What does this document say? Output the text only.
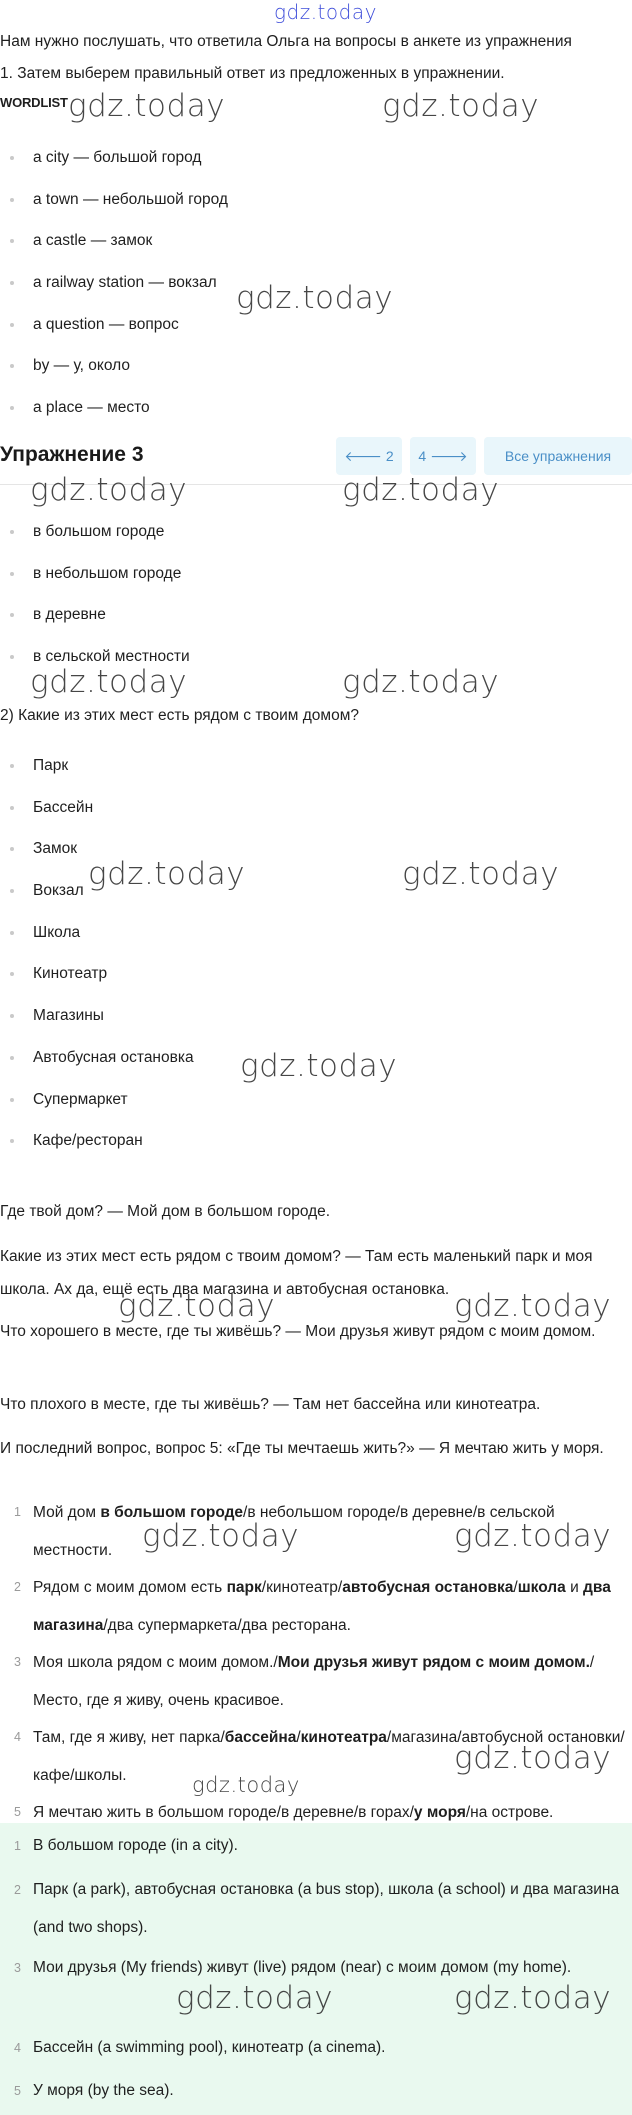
gdz.today
gdz.today	gdz.today
gdz.today
gdz.today	gdz.today
gdz.today	gdz.today
gdz.today	gdz.today
gdz.today
gdz.today	gdz.today
gdz.today	gdz.today
gdz.today
gdz.today
gdz.today	gdz.today
Нам нужно послушать, что ответила Ольга на вопросы в анкете из упражнения
1. Затем выберем правильный ответ из предложенных в упражнении.
WORDLIST
a city — большой город
a town — небольшой город
a castle — замок
a railway station — вокзал
a question — вопрос
by — у, около
a place — место
Упражнение 3	🡐 2	4 🡒	Все упражнения
в большом городе
в небольшом городе
в деревне
в сельской местности
2) Какие из этих мест есть рядом с твоим домом?
Парк
Бассейн
Замок
Вокзал
Школа
Кинотеатр
Магазины
Автобусная остановка
Супермаркет
Кафе/ресторан
Где твой дом? — Мой дом в большом городе.
Какие из этих мест есть рядом с твоим домом? — Там есть маленький парк и моя школа. Ах да, ещё есть два магазина и автобусная остановка.
Что хорошего в месте, где ты живёшь? — Мои друзья живут рядом с моим домом.
Что плохого в месте, где ты живёшь? — Там нет бассейна или кинотеатра.
И последний вопрос, вопрос 5: «Где ты мечтаешь жить?» — Я мечтаю жить у моря.
1 Мой дом в большом городе/в небольшом городе/в деревне/в сельской местности.
2 Рядом с моим домом есть парк/кинотеатр/автобусная остановка/школа и два магазина/два супермаркета/два ресторана.
3 Моя школа рядом с моим домом./Мои друзья живут рядом с моим домом./Место, где я живу, очень красивое.
4 Там, где я живу, нет парка/бассейна/кинотеатра/магазина/автобусной остановки/кафе/школы.
5 Я мечтаю жить в большом городе/в деревне/в горах/у моря/на острове.
1 В большом городе (in a city).
2 Парк (a park), автобусная остановка (a bus stop), школа (a school) и два магазина (and two shops).
3 Мои друзья (My friends) живут (live) рядом (near) с моим домом (my home).
4 Бассейн (a swimming pool), кинотеатр (a cinema).
5 У моря (by the sea).
